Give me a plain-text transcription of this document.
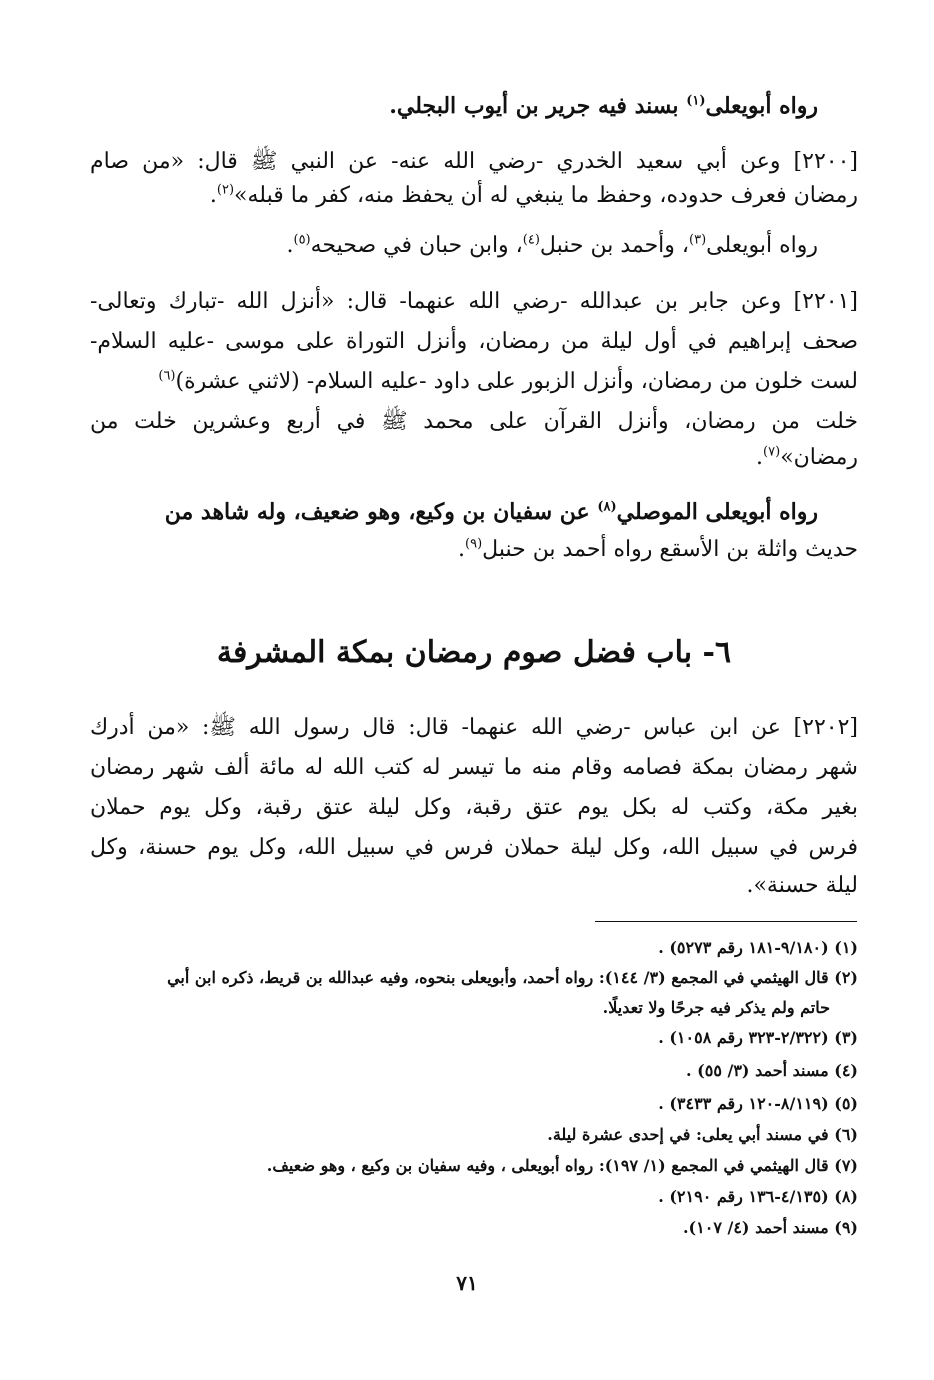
رواه أبويعلى$^{(١)}$ بسند فيه جرير بن أيوب البجلي.
[٢٢٠٠] وعن أبي سعيد الخدري -رضي الله عنه- عن النبي ﷺ قال: «من صام
رمضان فعرف حدوده، وحفظ ما ينبغي له أن يحفظ منه، كفر ما قبله»$^{(٢)}$.
رواه أبويعلى$^{(٣)}$، وأحمد بن حنبل$^{(٤)}$، وابن حبان في صحيحه$^{(٥)}$.
[٢٢٠١] وعن جابر بن عبدالله -رضي الله عنهما- قال: «أنزل الله -تبارك وتعالى-
صحف إبراهيم في أول ليلة من رمضان، وأنزل التوراة على موسى -عليه السلام-
لست خلون من رمضان، وأنزل الزبور على داود -عليه السلام- (لاثني عشرة)$^{(٦)}$
خلت من رمضان، وأنزل القرآن على محمد ﷺ في أربع وعشرين خلت من
رمضان»$^{(٧)}$.
رواه أبويعلى الموصلي$^{(٨)}$ عن سفيان بن وكيع، وهو ضعيف، وله شاهد من
حديث واثلة بن الأسقع رواه أحمد بن حنبل$^{(٩)}$.
٦- باب فضل صوم رمضان بمكة المشرفة
[٢٢٠٢] عن ابن عباس -رضي الله عنهما- قال: قال رسول الله ﷺ: «من أدرك
شهر رمضان بمكة فصامه وقام منه ما تيسر له كتب الله له مائة ألف شهر رمضان
بغير مكة، وكتب له بكل يوم عتق رقبة، وكل ليلة عتق رقبة، وكل يوم حملان
فرس في سبيل الله، وكل ليلة حملان فرس في سبيل الله، وكل يوم حسنة، وكل
ليلة حسنة».
(١) (٩/١٨٠-١٨١ رقم ٥٢٧٣) .
(٢) قال الهيثمي في المجمع (٣/ ١٤٤): رواه أحمد، وأبويعلى بنحوه، وفيه عبدالله بن قريط، ذكره ابن أبي
حاتم ولم يذكر فيه جرحًا ولا تعديلًا.
(٣) (٢/٣٢٢-٣٢٣ رقم ١٠٥٨) .
(٤) مسند أحمد (٣/ ٥٥) .
(٥) (٨/١١٩-١٢٠ رقم ٣٤٣٣) .
(٦) في مسند أبي يعلى: في إحدى عشرة ليلة.
(٧) قال الهيثمي في المجمع (١/ ١٩٧): رواه أبويعلى ، وفيه سفيان بن وكيع ، وهو ضعيف.
(٨) (٤/١٣٥-١٣٦ رقم ٢١٩٠) .
(٩) مسند أحمد (٤/ ١٠٧).
٧١
